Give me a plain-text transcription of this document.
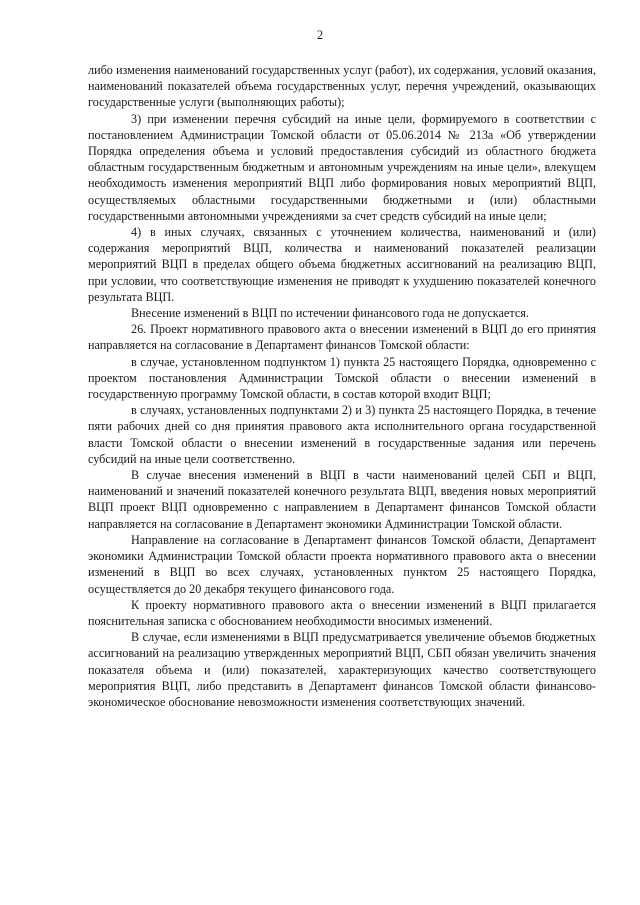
2

либо изменения наименований государственных услуг (работ), их содержания, условий оказания, наименований показателей объема государственных услуг, перечня учреждений, оказывающих государственные услуги (выполняющих работы);

3) при изменении перечня субсидий на иные цели, формируемого в соответствии с постановлением Администрации Томской области от 05.06.2014 № 213а «Об утверждении Порядка определения объема и условий предоставления субсидий из областного бюджета областным государственным бюджетным и автономным учреждениям на иные цели», влекущем необходимость изменения мероприятий ВЦП либо формирования новых мероприятий ВЦП, осуществляемых областными государственными бюджетными и (или) областными государственными автономными учреждениями за счет средств субсидий на иные цели;

4) в иных случаях, связанных с уточнением количества, наименований и (или) содержания мероприятий ВЦП, количества и наименований показателей реализации мероприятий ВЦП в пределах общего объема бюджетных ассигнований на реализацию ВЦП, при условии, что соответствующие изменения не приводят к ухудшению показателей конечного результата ВЦП.

Внесение изменений в ВЦП по истечении финансового года не допускается.

26. Проект нормативного правового акта о внесении изменений в ВЦП до его принятия направляется на согласование в Департамент финансов Томской области:

в случае, установленном подпунктом 1) пункта 25 настоящего Порядка, одновременно с проектом постановления Администрации Томской области о внесении изменений в государственную программу Томской области, в состав которой входит ВЦП;

в случаях, установленных подпунктами 2) и 3) пункта 25 настоящего Порядка, в течение пяти рабочих дней со дня принятия правового акта исполнительного органа государственной власти Томской области о внесении изменений в государственные задания или перечень субсидий на иные цели соответственно.

В случае внесения изменений в ВЦП в части наименований целей СБП и ВЦП, наименований и значений показателей конечного результата ВЦП, введения новых мероприятий ВЦП проект ВЦП одновременно с направлением в Департамент финансов Томской области направляется на согласование в Департамент экономики Администрации Томской области.

Направление на согласование в Департамент финансов Томской области, Департамент экономики Администрации Томской области проекта нормативного правового акта о внесении изменений в ВЦП во всех случаях, установленных пунктом 25 настоящего Порядка, осуществляется до 20 декабря текущего финансового года.

К проекту нормативного правового акта о внесении изменений в ВЦП прилагается пояснительная записка с обоснованием необходимости вносимых изменений.

В случае, если изменениями в ВЦП предусматривается увеличение объемов бюджетных ассигнований на реализацию утвержденных мероприятий ВЦП, СБП обязан увеличить значения показателя объема и (или) показателей, характеризующих качество соответствующего мероприятия ВЦП, либо представить в Департамент финансов Томской области финансово-экономическое обоснование невозможности изменения соответствующих значений.
